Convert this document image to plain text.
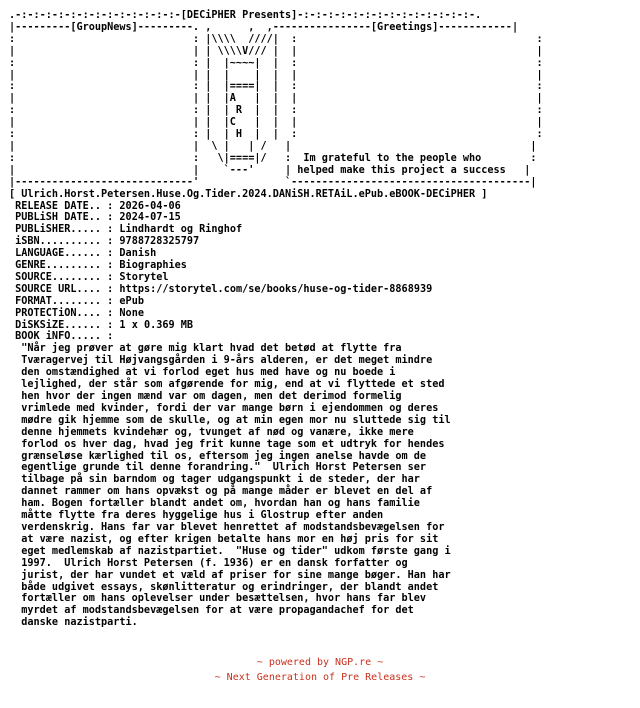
.-:-:-:-:-:-:-:-:-:-:-:-:-:-[DECiPHER Presents]-:-:-:-:-:-:-:-:-:-:-:-:-:-:-.
|---------[GroupNews]---------. ,      ,  ,----------------[Greetings]------------|
:                             : |\\\\  ////|  :                                       :
|                             | | \\\\V/// |  |                                       |
:                             : |  |~~~~|  |  :                                       :
|                             | |  |    |  |  |                                       |
:                             : |  |====|  |  :                                       :
|                             | |  |A   |  |  |                                       |
:                             : |  | R  |  |  :                                       :
|                             | |  |C   |  |  |                                       |
:                             : |  | H  |  |  :                                       :
|                             |  \ |   | /   |                                       |
:                             :   \|====|/   :  Im grateful to the people who        :
|                             |    `---'     | helped make this project a success   |
|-----------------------------'              `---------------------------------------|
[ Ulrich.Horst.Petersen.Huse.Og.Tider.2024.DANiSH.RETAiL.ePub.eBOOK-DECiPHER ]
RELEASE DATE.. : 2026-04-06
PUBLiSH DATE.. : 2024-07-15
PUBLiSHER..... : Lindhardt og Ringhof
iSBN.......... : 9788728325797
LANGUAGE...... : Danish
GENRE......... : Biographies
SOURCE........ : Storytel
SOURCE URL.... : https://storytel.com/se/books/huse-og-tider-8868939
FORMAT........ : ePub
PROTECTiON.... : None
DiSKSiZE...... : 1 x 0.369 MB
BOOK iNFO..... :
"Når jeg prøver at gøre mig klart hvad det betød at flytte fra
Tværagervej til Højvangsgården i 9-års alderen, er det meget mindre
den omstændighed at vi forlod eget hus med have og nu boede i
lejlighed, der står som afgørende for mig, end at vi flyttede et sted
hen hvor der ingen mænd var om dagen, men det derimod formelig
vrimlede med kvinder, fordi der var mange børn i ejendommen og deres
mødre gik hjemme som de skulle, og at min egen mor nu sluttede sig til
denne hjemmets kvindehær og, tvunget af nød og vanære, ikke mere
forlod os hver dag, hvad jeg frit kunne tage som et udtryk for hendes
grænseløse kærlighed til os, eftersom jeg ingen anelse havde om de
egentlige grunde til denne forandring."  Ulrich Horst Petersen ser
tilbage på sin barndom og tager udgangspunkt i de steder, der har
dannet rammer om hans opvækst og på mange måder er blevet en del af
ham. Bogen fortæller blandt andet om, hvordan han og hans familie
måtte flytte fra deres hyggelige hus i Glostrup efter anden
verdenskrig. Hans far var blevet henrettet af modstandsbevægelsen for
at være nazist, og efter krigen betalte hans mor en høj pris for sit
eget medlemskab af nazistpartiet.  "Huse og tider" udkom første gang i
1997.  Ulrich Horst Petersen (f. 1936) er en dansk forfatter og
jurist, der har vundet et væld af priser for sine mange bøger. Han har
både udgivet essays, skønlitteratur og erindringer, der blandt andet
fortæller om hans oplevelser under besættelsen, hvor hans far blev
myrdet af modstandsbevægelsen for at være propagandachef for det
danske nazistparti.
~ powered by NGP.re ~
~ Next Generation of Pre Releases ~
